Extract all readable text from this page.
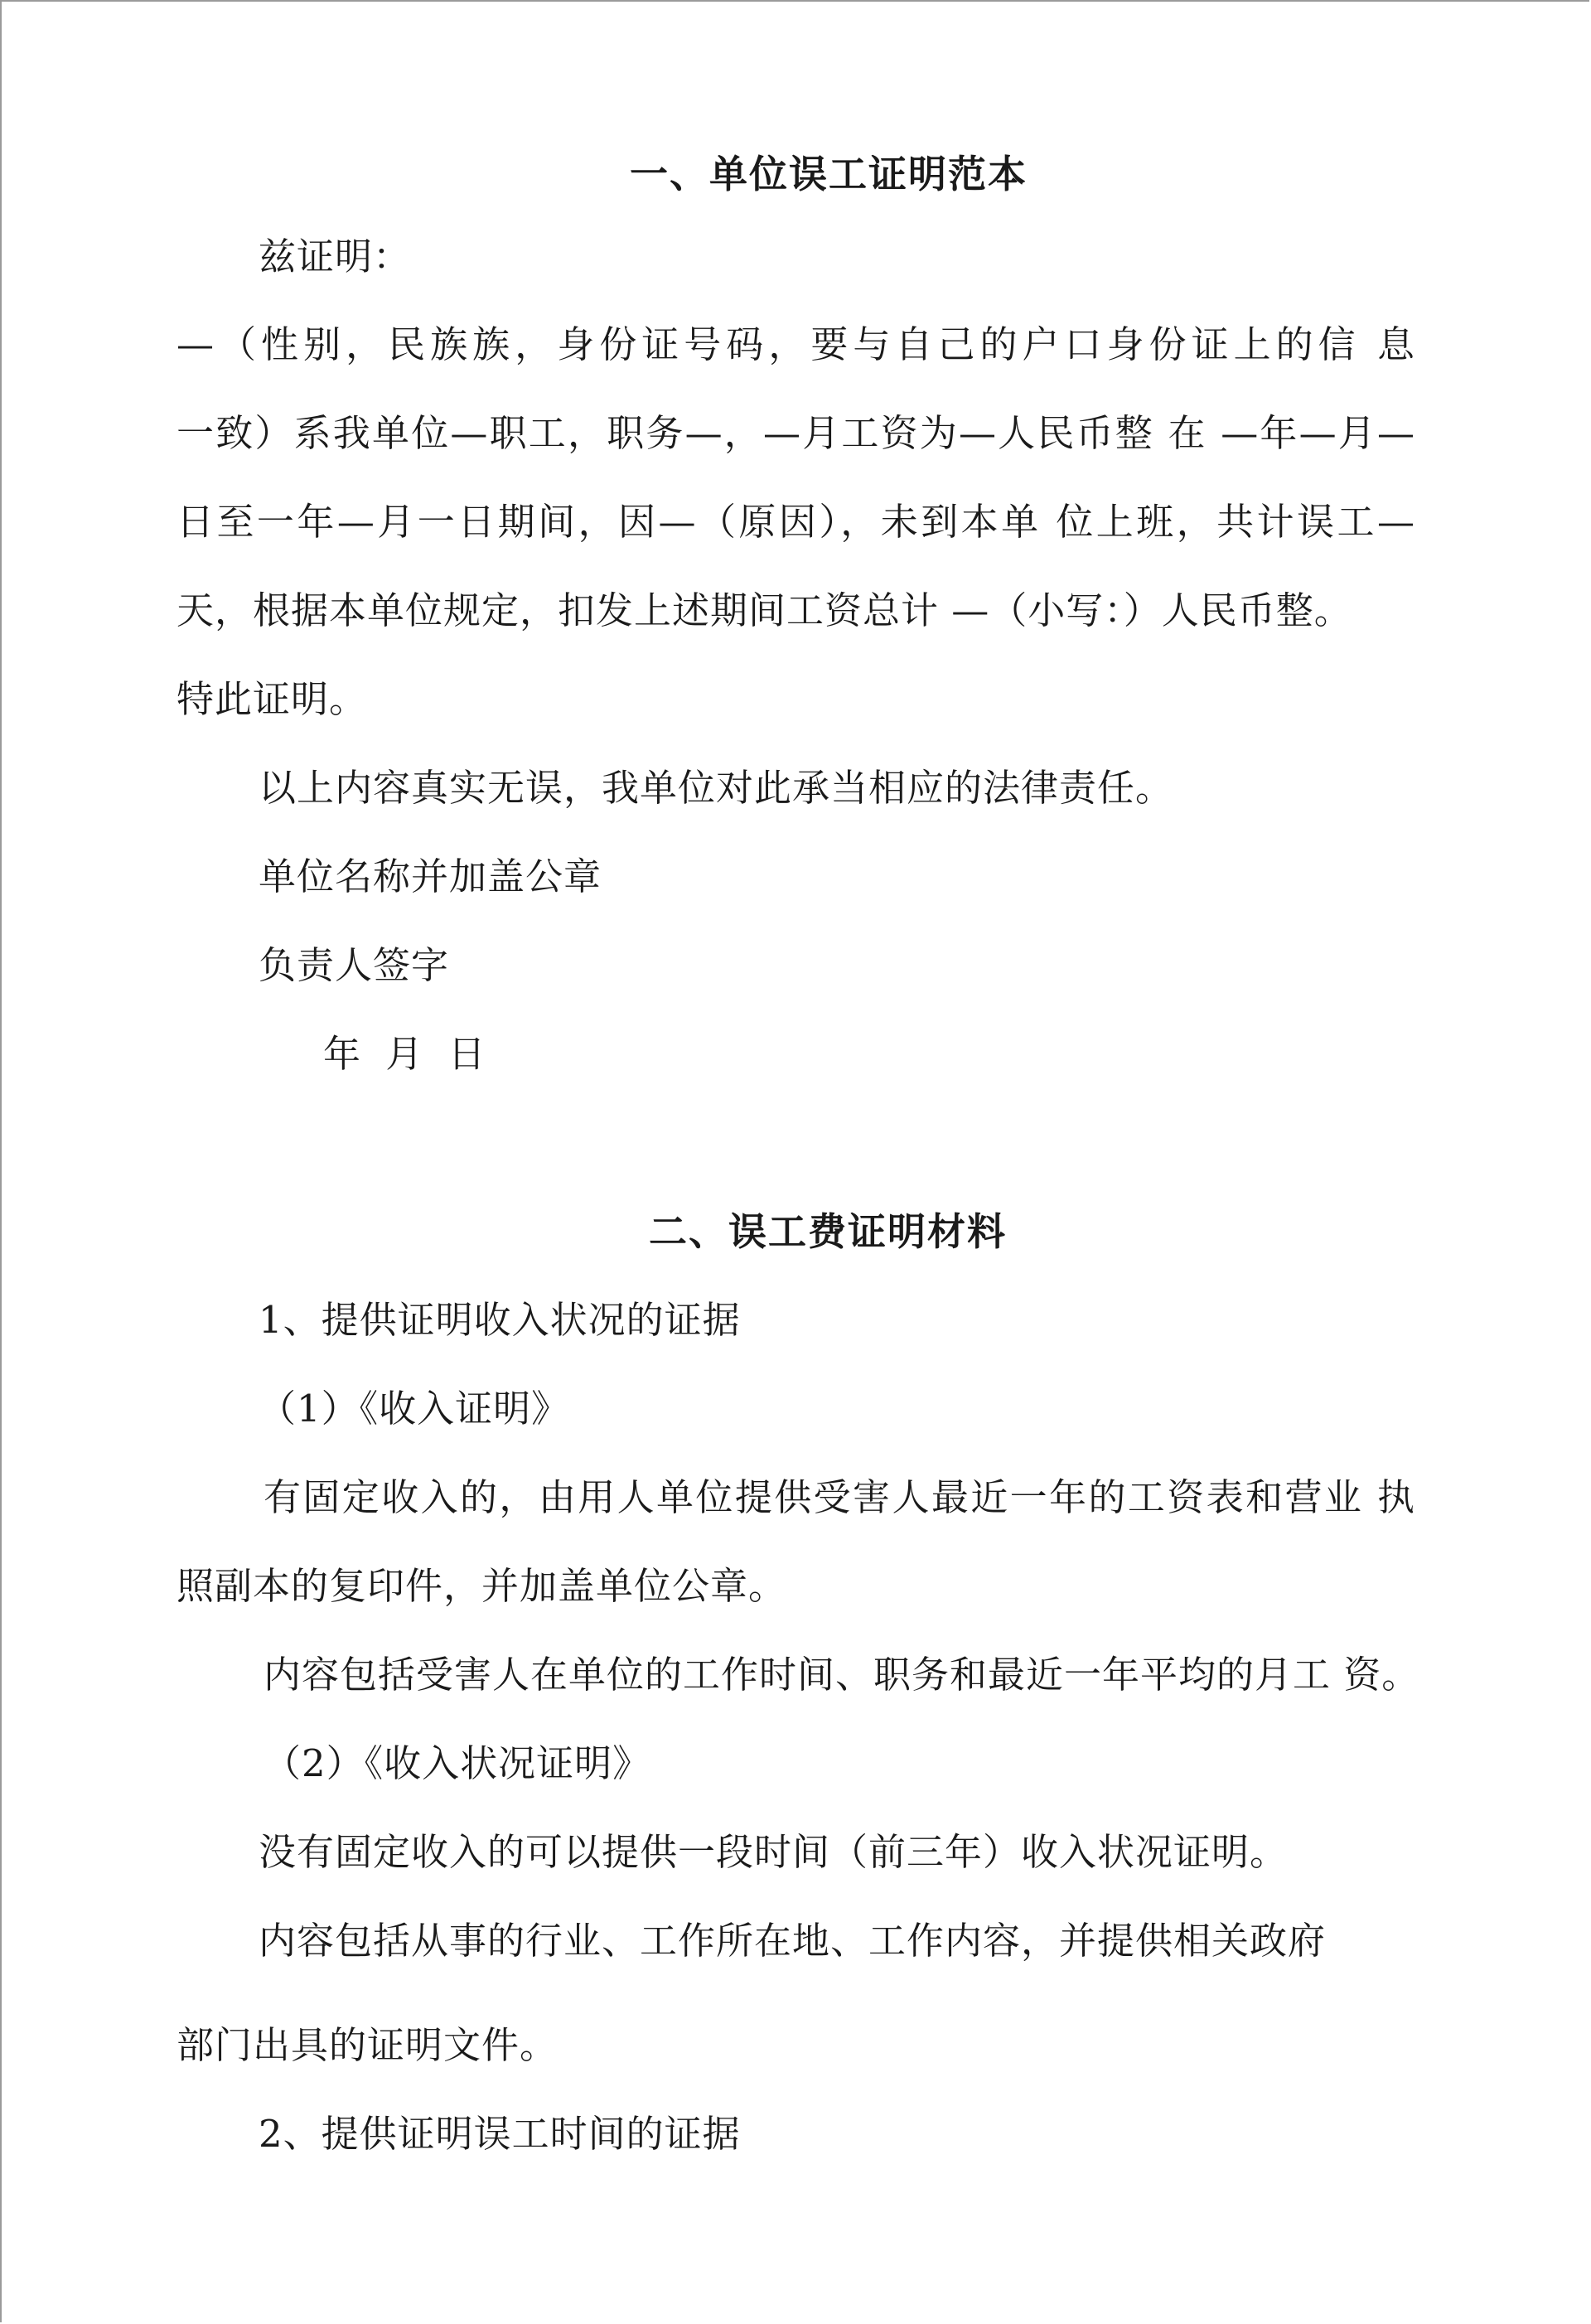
一、单位误工证明范本
兹证明：
—（性别，民族族，身份证号码，要与自己的户口身份证上的信 息
一致）系我单位—职工，职务—，—月工资为—人民币整 在 —年—月—
日至一年—月一日期间，因—（原因），未到本单 位上班，共计误工—
天，根据本单位规定，扣发上述期间工资总计 —（小写：）人民币整。
特此证明。
以上内容真实无误，我单位对此承当相应的法律责任。
单位名称并加盖公章
负责人签字
年 月 日
二、误工费证明材料
1、提供证明收入状况的证据
（1）《收入证明》
有固定收入的，由用人单位提供受害人最近一年的工资表和营业 执
照副本的复印件，并加盖单位公章。
内容包括受害人在单位的工作时间、职务和最近一年平均的月工 资。
（2）《收入状况证明》
没有固定收入的可以提供一段时间（前三年）收入状况证明。
内容包括从事的行业、工作所在地、工作内容，并提供相关政府
部门出具的证明文件。
2、提供证明误工时间的证据
